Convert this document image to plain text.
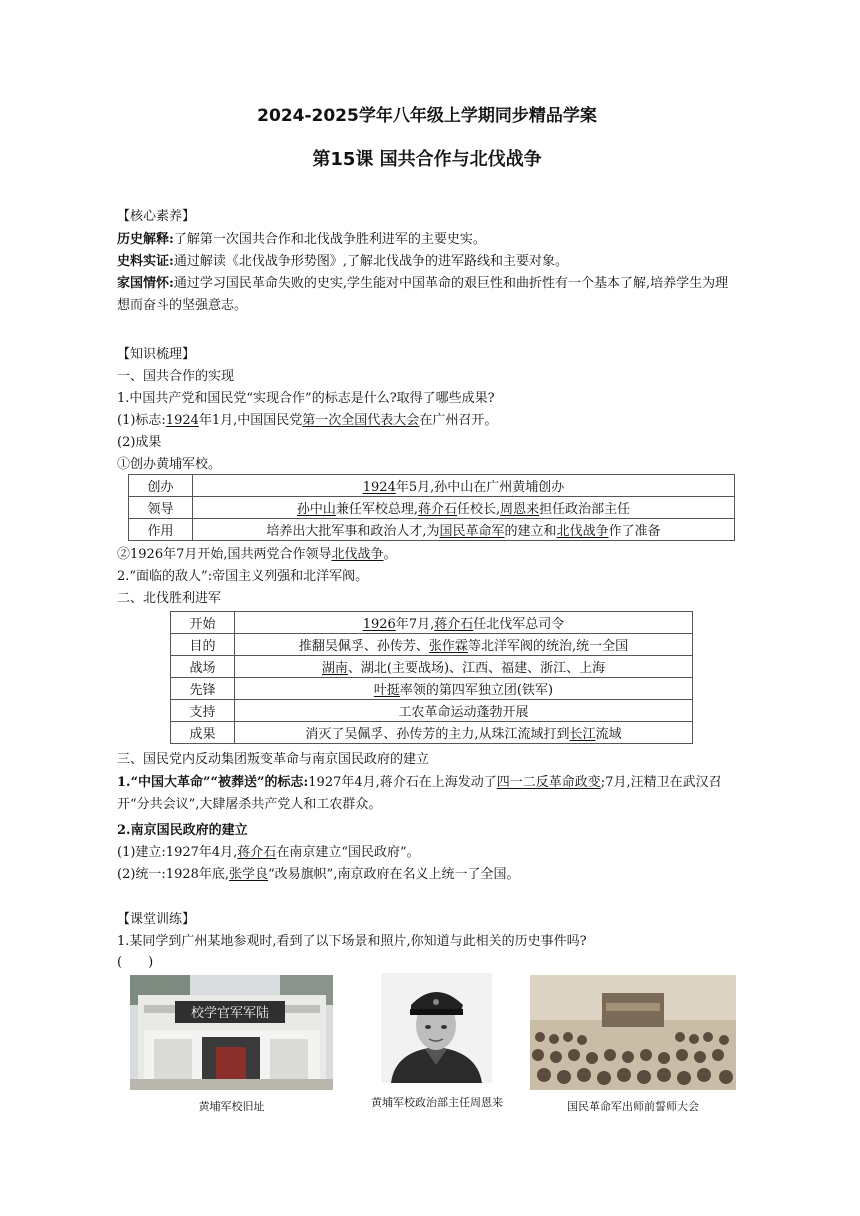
2024-2025学年八年级上学期同步精品学案
第15课 国共合作与北伐战争
【核心素养】
历史解释:了解第一次国共合作和北伐战争胜利进军的主要史实。
史料实证:通过解读《北伐战争形势图》,了解北伐战争的进军路线和主要对象。
家国情怀:通过学习国民革命失败的史实,学生能对中国革命的艰巨性和曲折性有一个基本了解,培养学生为理想而奋斗的坚强意志。
【知识梳理】
一、国共合作的实现
1.中国共产党和国民党“实现合作”的标志是什么?取得了哪些成果?
(1)标志:1924年1月,中国国民党第一次全国代表大会在广州召开。
(2)成果
①创办黄埔军校。
创办	1924年5月,孙中山在广州黄埔创办
领导	孙中山兼任军校总理,蒋介石任校长,周恩来担任政治部主任
作用	培养出大批军事和政治人才,为国民革命军的建立和北伐战争作了准备
②1926年7月开始,国共两党合作领导北伐战争。
2.“面临的敌人”:帝国主义列强和北洋军阀。
二、北伐胜利进军
开始	1926年7月,蒋介石任北伐军总司令
目的	推翻吴佩孚、孙传芳、张作霖等北洋军阀的统治,统一全国
战场	湖南、湖北(主要战场)、江西、福建、浙江、上海
先锋	叶挺率领的第四军独立团(铁军)
支持	工农革命运动蓬勃开展
成果	消灭了吴佩孚、孙传芳的主力,从珠江流域打到长江流域
三、国民党内反动集团叛变革命与南京国民政府的建立
1.“中国大革命”“被葬送”的标志:1927年4月,蒋介石在上海发动了四一二反革命政变;7月,汪精卫在武汉召开“分共会议”,大肆屠杀共产党人和工农群众。
2.南京国民政府的建立
(1)建立:1927年4月,蒋介石在南京建立“国民政府”。
(2)统一:1928年底,张学良“改易旗帜”,南京政府在名义上统一了全国。
【课堂训练】
1.某同学到广州某地参观时,看到了以下场景和照片,你知道与此相关的历史事件吗?
(　　)
校学官军军陆
黄埔军校旧址	黄埔军校政治部主任周恩来	国民革命军出师前誓师大会
